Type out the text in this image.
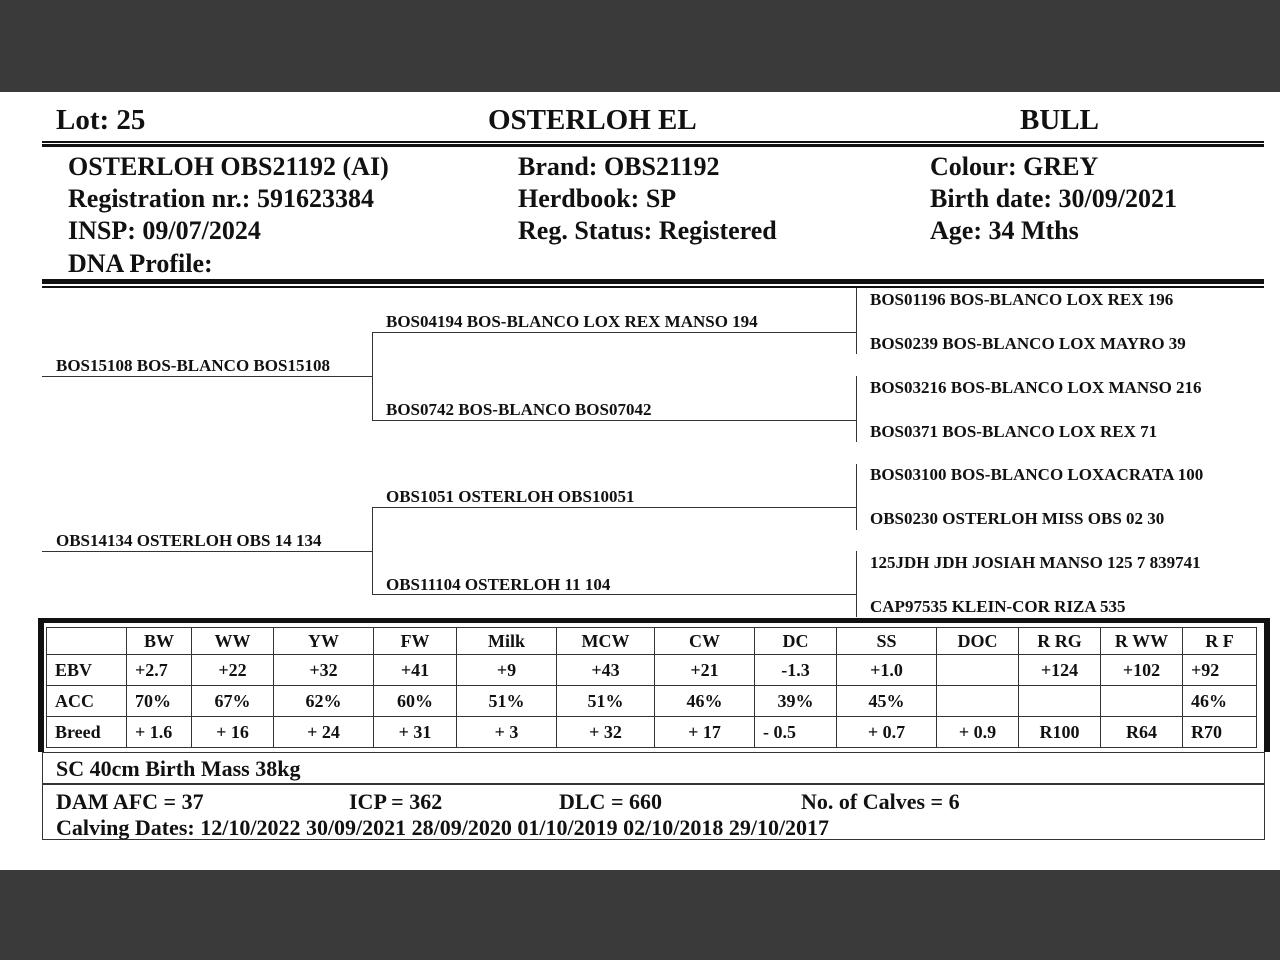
Lot: 25	OSTERLOH EL	BULL
OSTERLOH OBS21192 (AI)
Registration nr.: 591623384
INSP: 09/07/2024
DNA Profile:
Brand: OBS21192
Herdbook: SP
Reg. Status: Registered
Colour: GREY
Birth date: 30/09/2021
Age: 34 Mths
BOS15108 BOS-BLANCO BOS15108
BOS04194 BOS-BLANCO LOX REX MANSO 194
BOS0742 BOS-BLANCO BOS07042
OBS14134 OSTERLOH OBS 14 134
OBS1051 OSTERLOH OBS10051
OBS11104 OSTERLOH 11 104
BOS01196 BOS-BLANCO LOX REX 196
BOS0239 BOS-BLANCO LOX MAYRO 39
BOS03216 BOS-BLANCO LOX MANSO 216
BOS0371 BOS-BLANCO LOX REX 71
BOS03100 BOS-BLANCO LOXACRATA 100
OBS0230 OSTERLOH MISS OBS 02 30
125JDH JDH JOSIAH MANSO 125 7 839741
CAP97535 KLEIN-COR RIZA 535
	BW	WW	YW	FW	Milk	MCW	CW	DC	SS	DOC	R RG	R WW	R F
EBV	+2.7	+22	+32	+41	+9	+43	+21	-1.3	+1.0		+124	+102	+92
ACC	70%	67%	62%	60%	51%	51%	46%	39%	45%				46%
Breed	+ 1.6	+ 16	+ 24	+ 31	+ 3	+ 32	+ 17	- 0.5	+ 0.7	+ 0.9	R100	R64	R70
SC 40cm Birth Mass 38kg
DAM AFC = 37	ICP = 362	DLC = 660	No. of Calves = 6
Calving Dates: 12/10/2022 30/09/2021 28/09/2020 01/10/2019 02/10/2018 29/10/2017
